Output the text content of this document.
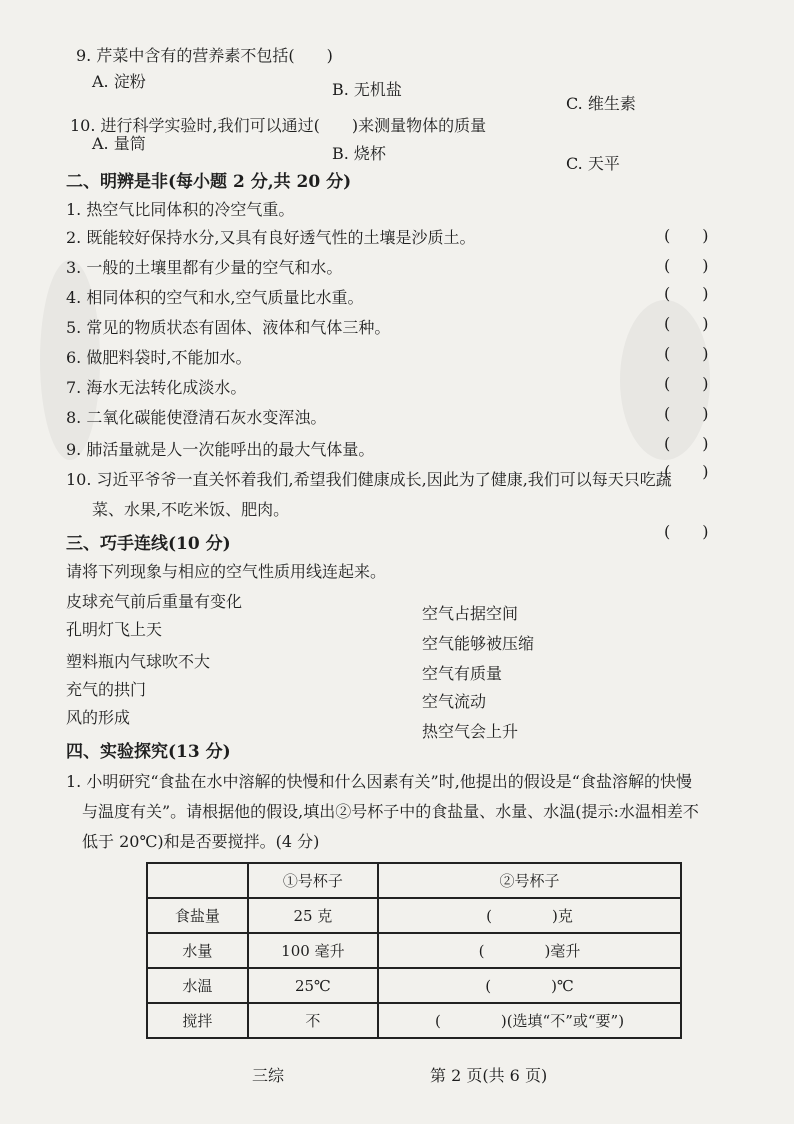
9. 芹菜中含有的营养素不包括(　　)
A. 淀粉	B. 无机盐
C. 维生素
10. 进行科学实验时,我们可以通过(　　)来测量物体的质量
A. 量筒
B. 烧杯
C. 天平
二、明辨是非(每小题 2 分,共 20 分)
1. 热空气比同体积的冷空气重。
2. 既能较好保持水分,又具有良好透气性的土壤是沙质土。
3. 一般的土壤里都有少量的空气和水。
4. 相同体积的空气和水,空气质量比水重。
5. 常见的物质状态有固体、液体和气体三种。
6. 做肥料袋时,不能加水。
7. 海水无法转化成淡水。
8. 二氧化碳能使澄清石灰水变浑浊。
9. 肺活量就是人一次能呼出的最大气体量。
10. 习近平爷爷一直关怀着我们,希望我们健康成长,因此为了健康,我们可以每天只吃蔬
菜、水果,不吃米饭、肥肉。
(　　)
(　　)
(　　)
(　　)
(　　)
(　　)
(　　)
(　　)
(　　)
(　　)
三、巧手连线(10 分)
请将下列现象与相应的空气性质用线连起来。
皮球充气前后重量有变化
孔明灯飞上天
塑料瓶内气球吹不大
充气的拱门
风的形成
空气占据空间
空气能够被压缩
空气有质量
空气流动
热空气会上升
四、实验探究(13 分)
1. 小明研究“食盐在水中溶解的快慢和什么因素有关”时,他提出的假设是“食盐溶解的快慢
与温度有关”。请根据他的假设,填出②号杯子中的食盐量、水量、水温(提示:水温相差不
低于 20℃)和是否要搅拌。(4 分)
	①号杯子	②号杯子
食盐量	25 克	(　　　　)克
水量	100 毫升	(　　　　)毫升
水温	25℃	(　　　　)℃
搅拌	不	(　　　　)(选填“不”或“要”)
三综	第 2 页(共 6 页)
